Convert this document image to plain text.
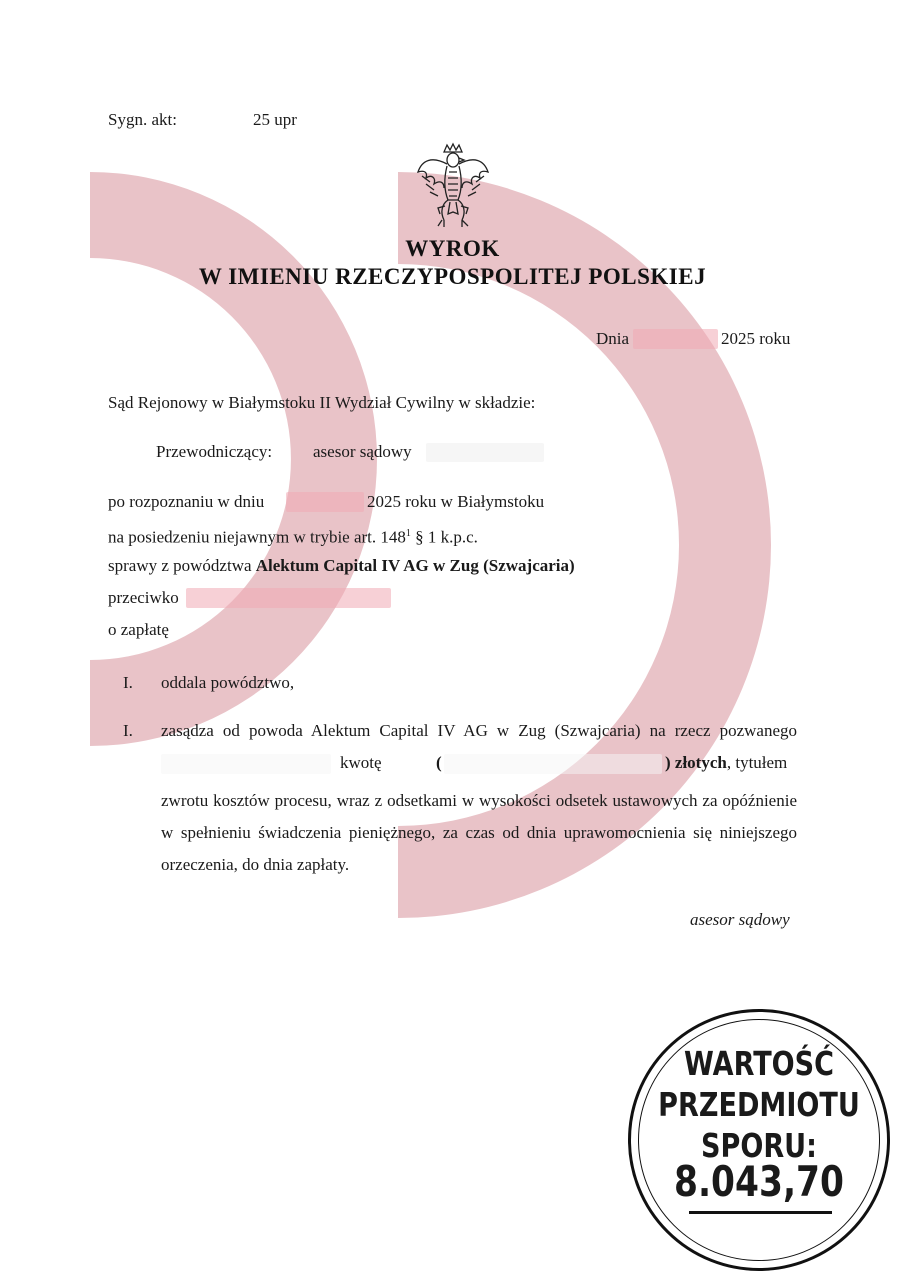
Sygn. akt:	25 upr
WYROK
W IMIENIU RZECZYPOSPOLITEJ POLSKIEJ
Dnia	2025 roku
Sąd Rejonowy w Białymstoku II Wydział Cywilny w składzie:
Przewodniczący: asesor sądowy
po rozpoznaniu w dniu	2025 roku w Białymstoku
na posiedzeniu niejawnym w trybie art. $148^1$ § 1 k.p.c.
sprawy z powództwa Alektum Capital IV AG w Zug (Szwajcaria)
przeciwko
o zapłatę
I. oddala powództwo,
I. zasądza od powoda Alektum Capital IV AG w Zug (Szwajcaria) na rzecz pozwanego
kwotę	(	) złotych, tytułem
zwrotu kosztów procesu, wraz z odsetkami w wysokości odsetek ustawowych za opóźnienie w spełnieniu świadczenia pieniężnego, za czas od dnia uprawomocnienia się niniejszego orzeczenia, do dnia zapłaty.
asesor sądowy
WARTOŚĆ
PRZEDMIOTU
SPORU:
8.043,70
